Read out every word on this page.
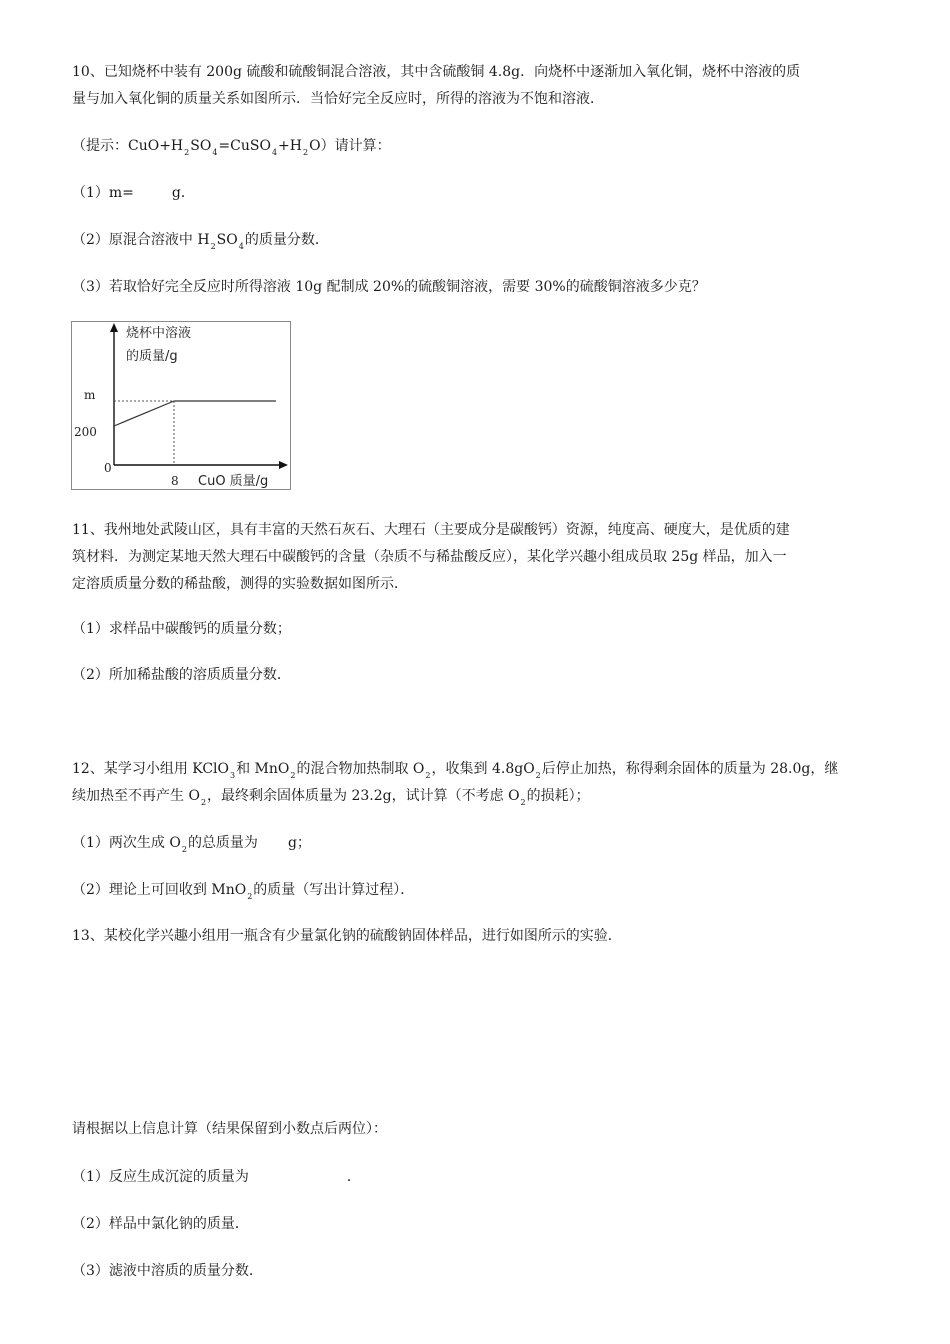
10、已知烧杯中装有 200g 硫酸和硫酸铜混合溶液，其中含硫酸铜 4.8g．向烧杯中逐渐加入氧化铜，烧杯中溶液的质
量与加入氧化铜的质量关系如图所示．当恰好完全反应时，所得的溶液为不饱和溶液．
（提示：$CuO+H_2SO_4=CuSO_4+H_2O$）请计算：
（1）m=	g．
（2）原混合溶液中 $H_2SO_4$的质量分数．
（3）若取恰好完全反应时所得溶液 10g 配制成 20%的硫酸铜溶液，需要 30%的硫酸铜溶液多少克？
烧杯中溶液
的质量/g
m
200
0
8 CuO 质量/g
11、我州地处武陵山区，具有丰富的天然石灰石、大理石（主要成分是碳酸钙）资源，纯度高、硬度大，是优质的建
筑材料．为测定某地天然大理石中碳酸钙的含量（杂质不与稀盐酸反应），某化学兴趣小组成员取 25g 样品，加入一
定溶质质量分数的稀盐酸，测得的实验数据如图所示．
（1）求样品中碳酸钙的质量分数；
（2）所加稀盐酸的溶质质量分数．
12、某学习小组用 KClO$_3$和 MnO$_2$的混合物加热制取 $O_2$，收集到 $4.8gO_2$后停止加热，称得剩余固体的质量为 28.0g，继
续加热至不再产生 $O_2$，最终剩余固体质量为 23.2g，试计算（不考虑 $O_2$的损耗）；
（1）两次生成 $O_2$的总质量为 g；
（2）理论上可回收到 MnO$_2$的质量（写出计算过程）．
13、某校化学兴趣小组用一瓶含有少量氯化钠的硫酸钠固体样品，进行如图所示的实验．
请根据以上信息计算（结果保留到小数点后两位）：
（1）反应生成沉淀的质量为	．
（2）样品中氯化钠的质量．
（3）滤液中溶质的质量分数．
